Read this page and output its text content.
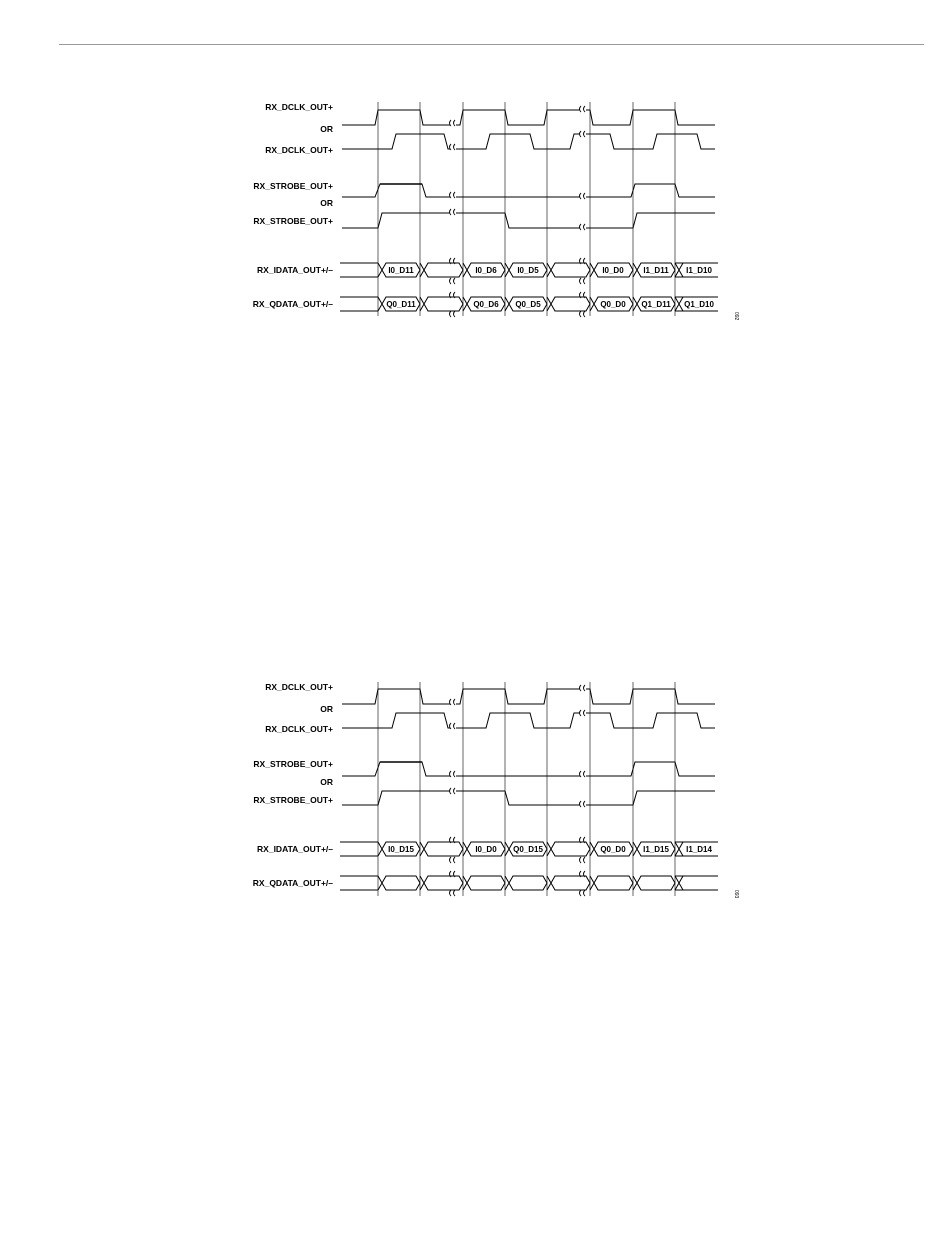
RX_DCLK_OUT+
OR
RX_DCLK_OUT+
RX_STROBE_OUT+
OR
RX_STROBE_OUT+
RX_IDATA_OUT+/–
RX_QDATA_OUT+/–
I0_D11	I0_D6	I0_D5	I0_D0 I1_D11 I1_D10
Q0_D11	Q0_D6 Q0_D5	Q0_D0 Q1_D11 Q1_D10
092
RX_DCLK_OUT+
OR
RX_DCLK_OUT+
RX_STROBE_OUT+
OR
RX_STROBE_OUT+
RX_IDATA_OUT+/–
RX_QDATA_OUT+/–
I0_D15	I0_D0 Q0_D15	Q0_D0 I1_D15 I1_D14
093
